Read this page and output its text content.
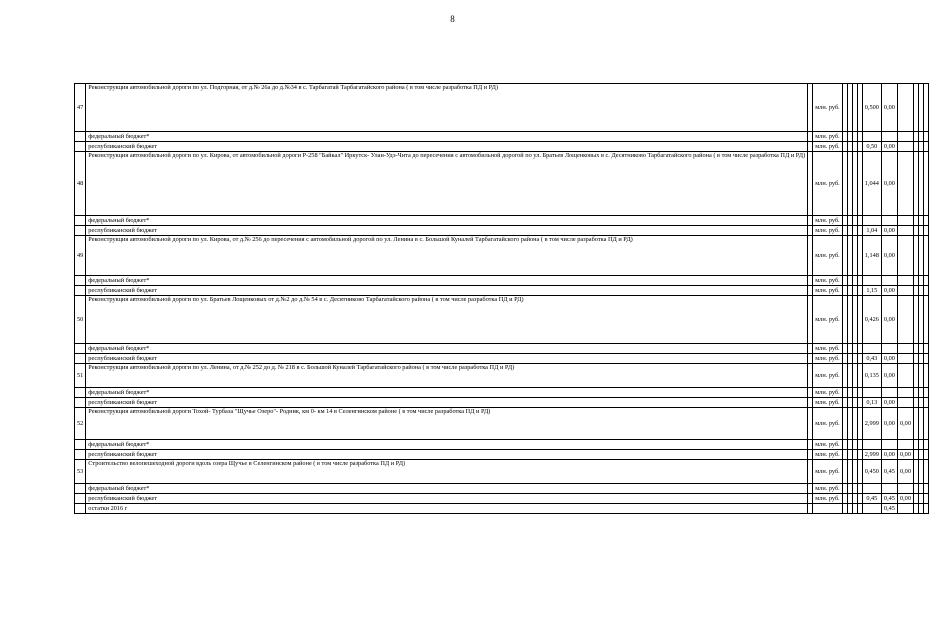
8
47	Реконструкция автомобильной дороги по ул. Подгорная, от д.№ 26а до д.№34 в с. Тарбагатай Тарбагатайского района ( в том числе разработка ПД и РД)		млн. руб.					0,500	0,00				
	федеральный бюджет*		млн. руб.										
	республиканский бюджет		млн. руб.					0,50	0,00				
48	Реконструкция автомобильной дороги по ул. Кирова, от автомобильной дороги Р-258 "Байкал" Иркутск- Улан-Удэ-Чита до пересечения с автомобильной дорогой по ул. Братьев Лощенковых в с. Десятниково Тарбагатайского района ( в том числе разработка ПД и РД)		млн. руб.					1,044	0,00				
	федеральный бюджет*		млн. руб.										
	республиканский бюджет		млн. руб.					1,04	0,00				
49	Реконструкция автомобильной дороги по ул. Кирова, от д.№ 256 до пересечения с автомобильной дорогой по ул. Ленина в с. Большой Куналей Тарбагатайского района ( в том числе разработка ПД и РД)		млн. руб.					1,148	0,00				
	федеральный бюджет*		млн. руб.										
	республиканский бюджет		млн. руб.					1,15	0,00				
50	Реконструкция автомобильной дороги по ул. Братьев Лощенковых от д.№2 до д.№ 54 в с. Десятниково Тарбагатайского района ( в том числе разработка ПД и РД)		млн. руб.					0,426	0,00				
	федеральный бюджет*		млн. руб.										
	республиканский бюджет		млн. руб.					0,43	0,00				
51	Реконструкция автомобильной дороги по ул. Ленина, от д.№ 252 до д. № 218 в с. Большой Куналей Тарбагатайского района ( в том числе разработка ПД и РД)		млн. руб.					0,135	0,00				
	федеральный бюджет*		млн. руб.										
	республиканский бюджет		млн. руб.					0,13	0,00				
52	Реконструкция автомобильной дороги Тохой- Турбаза "Щучье Озеро"- Родник, км 0- км 14 в Селенгинском районе ( в том числе разработка ПД и РД)		млн. руб.					2,999	0,00	0,00			
	федеральный бюджет*		млн. руб.										
	республиканский бюджет		млн. руб.					2,999	0,00	0,00			
53	Строительство велопешеходной дороги вдоль озера Щучье в Селенгинском районе ( в том числе разработка ПД и РД)		млн. руб.					0,450	0,45	0,00			
	федеральный бюджет*		млн. руб.										
	республиканский бюджет		млн. руб.					0,45	0,45	0,00			
	остатки 2016 г								0,45				
